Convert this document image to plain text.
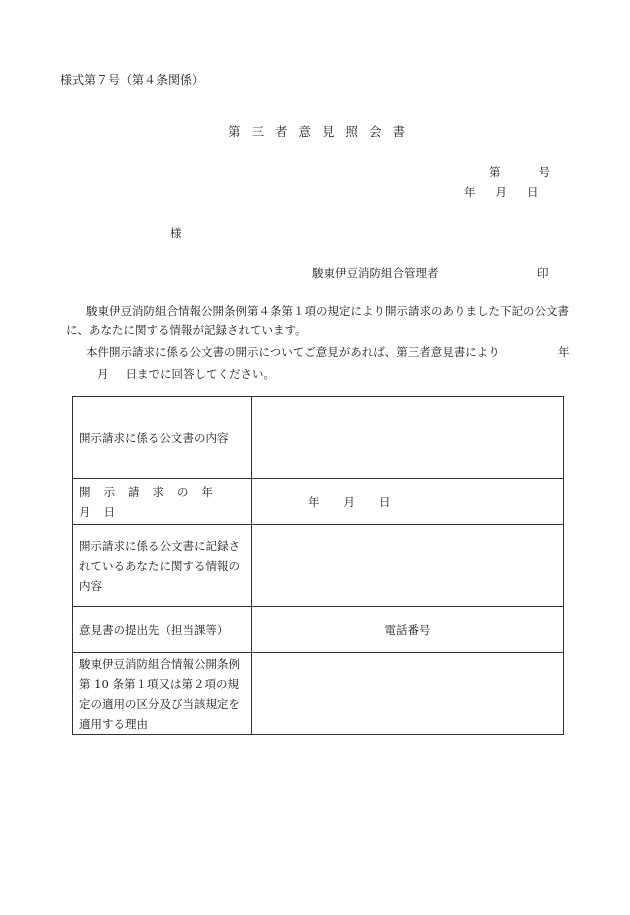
様式第７号（第４条関係）
第三者意見照会書
第	号
年 月 日
様
駿東伊豆消防組合管理者	印
駿東伊豆消防組合情報公開条例第４条第１項の規定により開示請求のありました下記の公文書に、あなたに関する情報が記録されています。
本件開示請求に係る公文書の開示についてご意見があれば、第三者意見書により	年
月 日までに回答してください。
開示請求に係る公文書の内容	
開示請求の年月日	年 月 日
開示請求に係る公文書に記録されているあなたに関する情報の内容	
意見書の提出先（担当課等）	電話番号
駿東伊豆消防組合情報公開条例第 10 条第１項又は第２項の規定の適用の区分及び当該規定を適用する理由	
